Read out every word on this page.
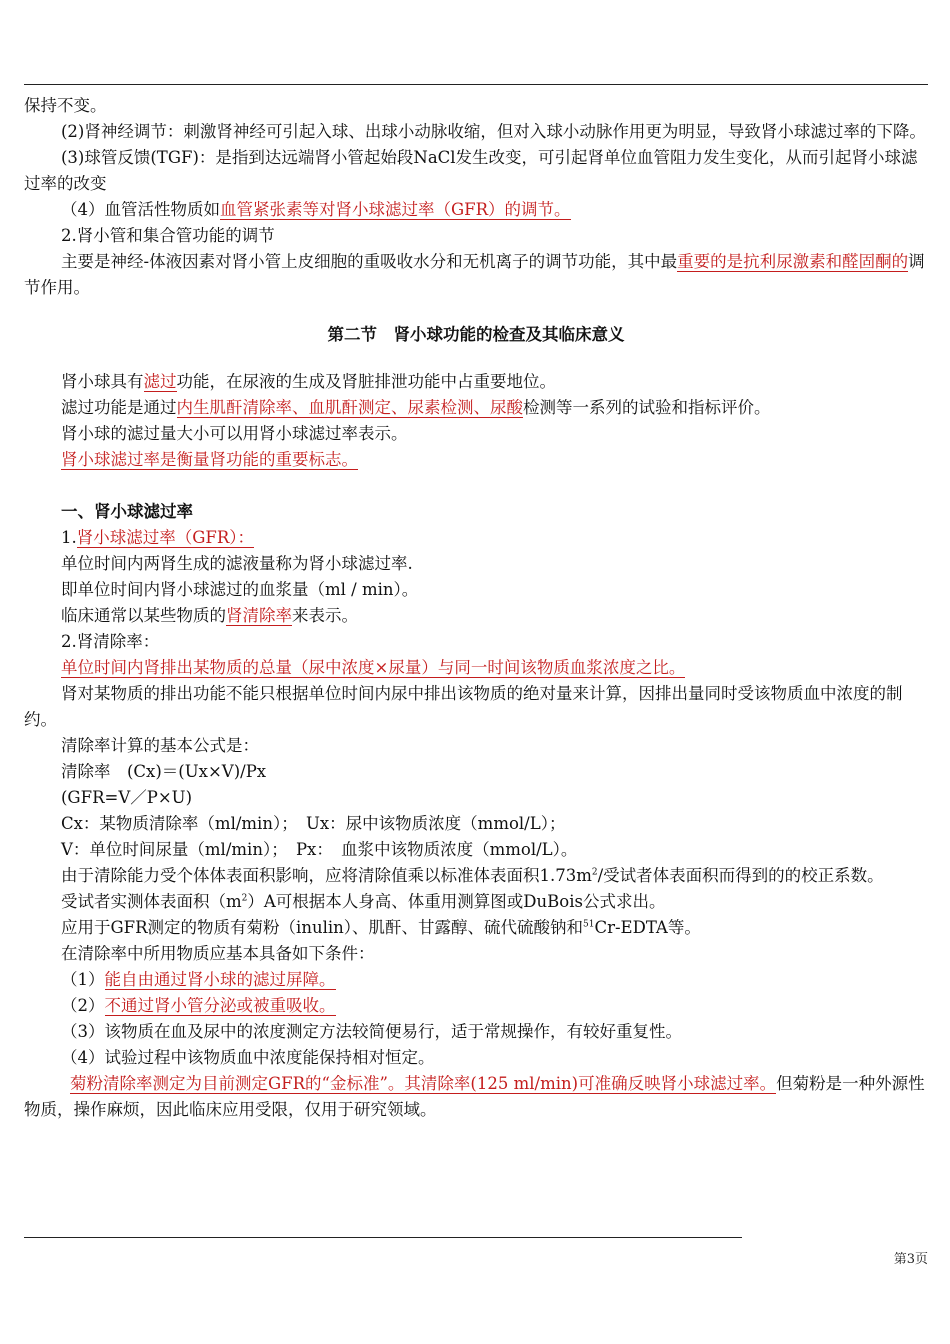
保持不变。

(2)肾神经调节：刺激肾神经可引起入球、出球小动脉收缩，但对入球小动脉作用更为明显，导致肾小球滤过率的下降。

(3)球管反馈(TGF)：是指到达远端肾小管起始段NaCl发生改变，可引起肾单位血管阻力发生变化，从而引起肾小球滤过率的改变

（4）血管活性物质如血管紧张素等对肾小球滤过率（GFR）的调节。

2.肾小管和集合管功能的调节

主要是神经-体液因素对肾小管上皮细胞的重吸收水分和无机离子的调节功能，其中最重要的是抗利尿激素和醛固酮的调节作用。

第二节　肾小球功能的检查及其临床意义

肾小球具有滤过功能，在尿液的生成及肾脏排泄功能中占重要地位。

滤过功能是通过内生肌酐清除率、血肌酐测定、尿素检测、尿酸检测等一系列的试验和指标评价。

肾小球的滤过量大小可以用肾小球滤过率表示。

肾小球滤过率是衡量肾功能的重要标志。

一、肾小球滤过率

1.肾小球滤过率（GFR）：

单位时间内两肾生成的滤液量称为肾小球滤过率.

即单位时间内肾小球滤过的血浆量（ml / min）。

临床通常以某些物质的肾清除率来表示。

2.肾清除率：

单位时间内肾排出某物质的总量（尿中浓度×尿量）与同一时间该物质血浆浓度之比。

肾对某物质的排出功能不能只根据单位时间内尿中排出该物质的绝对量来计算，因排出量同时受该物质血中浓度的制约。

清除率计算的基本公式是：

清除率　(Cx)＝(Ux×V)/Px

(GFR=V／P×U)

Cx：某物质清除率（ml/min）；　Ux：尿中该物质浓度（mmol/L）；

V：单位时间尿量（ml/min）；　Px：　血浆中该物质浓度（mmol/L）。

由于清除能力受个体体表面积影响，应将清除值乘以标准体表面积$1.73m^2/$受试者体表面积而得到的的校正系数。

受试者实测体表面积$(m^2)A$可根据本人身高、体重用测算图或DuBois公式求出。

应用于GFR测定的物质有菊粉（inulin）、肌酐、甘露醇、硫代硫酸钠和$^{51}$Cr-EDTA等。

在清除率中所用物质应基本具备如下条件：

（1）能自由通过肾小球的滤过屏障。

（2）不通过肾小管分泌或被重吸收。

（3）该物质在血及尿中的浓度测定方法较简便易行，适于常规操作，有较好重复性。

（4）试验过程中该物质血中浓度能保持相对恒定。

菊粉清除率测定为目前测定GFR的“金标准”。其清除率(125 ml/min)可准确反映肾小球滤过率。但菊粉是一种外源性物质，操作麻烦，因此临床应用受限，仅用于研究领域。

第3页
